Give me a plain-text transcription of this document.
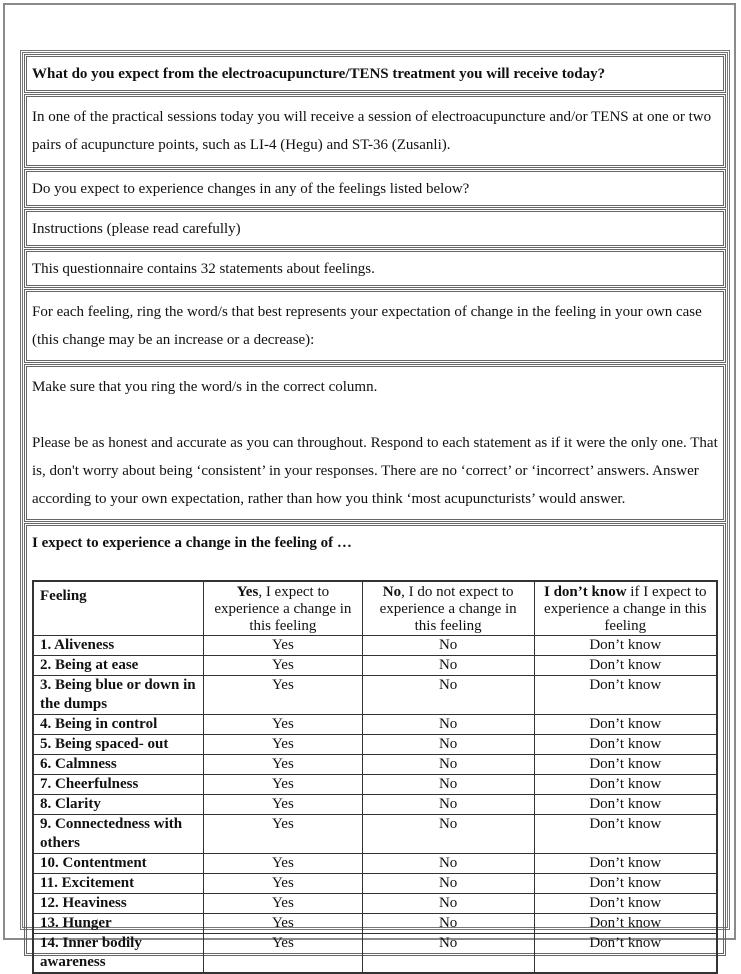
What do you expect from the electroacupuncture/TENS treatment you will receive today?
In one of the practical sessions today you will receive a session of electroacupuncture and/or TENS at one or two pairs of acupuncture points, such as LI-4 (Hegu) and ST-36 (Zusanli).
Do you expect to experience changes in any of the feelings listed below?
Instructions (please read carefully)
This questionnaire contains 32 statements about feelings.
For each feeling, ring the word/s that best represents your expectation of change in the feeling in your own case (this change may be an increase or a decrease):

Make sure that you ring the word/s in the correct column.

Please be as honest and accurate as you can throughout. Respond to each statement as if it were the only one. That is, don't worry about being ‘consistent’ in your responses. There are no ‘correct’ or ‘incorrect’ answers. Answer according to your own expectation, rather than how you think ‘most acupuncturists’ would answer.

I expect to experience a change in the feeling of …

Feeling	Yes, I expect to experience a change in this feeling	No, I do not expect to experience a change in this feeling	I don’t know if I expect to experience a change in this feeling
1. Aliveness	Yes	No	Don’t know
2. Being at ease	Yes	No	Don’t know
3. Being blue or down in the dumps	Yes	No	Don’t know
4. Being in control	Yes	No	Don’t know
5. Being spaced- out	Yes	No	Don’t know
6. Calmness	Yes	No	Don’t know
7. Cheerfulness	Yes	No	Don’t know
8. Clarity	Yes	No	Don’t know
9. Connectedness with others	Yes	No	Don’t know
10. Contentment	Yes	No	Don’t know
11. Excitement	Yes	No	Don’t know
12. Heaviness	Yes	No	Don’t know
13. Hunger	Yes	No	Don’t know
14. Inner bodily awareness	Yes	No	Don’t know
